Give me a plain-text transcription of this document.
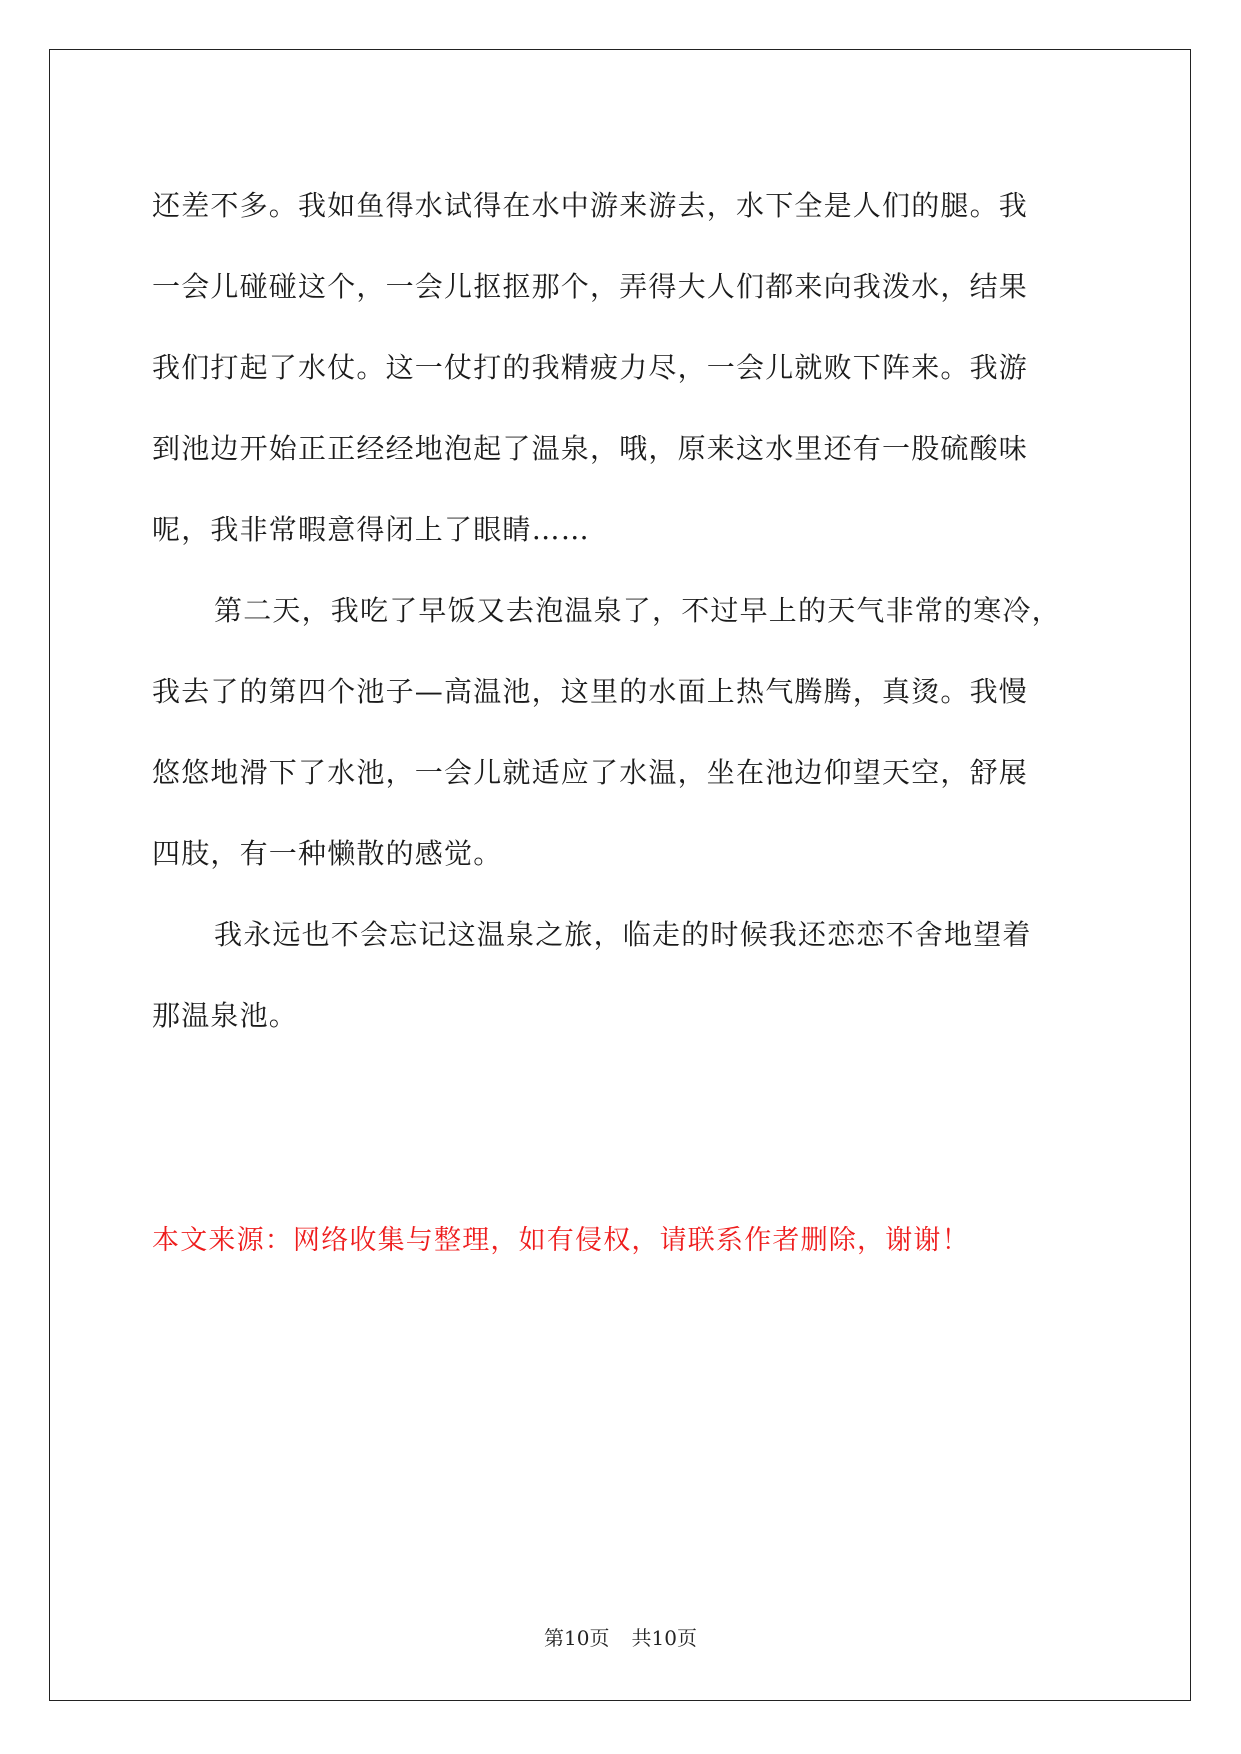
还差不多。我如鱼得水试得在水中游来游去，水下全是人们的腿。我
一会儿碰碰这个，一会儿抠抠那个，弄得大人们都来向我泼水，结果
我们打起了水仗。这一仗打的我精疲力尽，一会儿就败下阵来。我游
到池边开始正正经经地泡起了温泉，哦，原来这水里还有一股硫酸味
呢，我非常暇意得闭上了眼睛……
第二天，我吃了早饭又去泡温泉了，不过早上的天气非常的寒冷，
我去了的第四个池子—高温池，这里的水面上热气腾腾，真烫。我慢
悠悠地滑下了水池，一会儿就适应了水温，坐在池边仰望天空，舒展
四肢，有一种懒散的感觉。
我永远也不会忘记这温泉之旅，临走的时候我还恋恋不舍地望着
那温泉池。
本文来源：网络收集与整理，如有侵权，请联系作者删除，谢谢！
第10页 共10页
